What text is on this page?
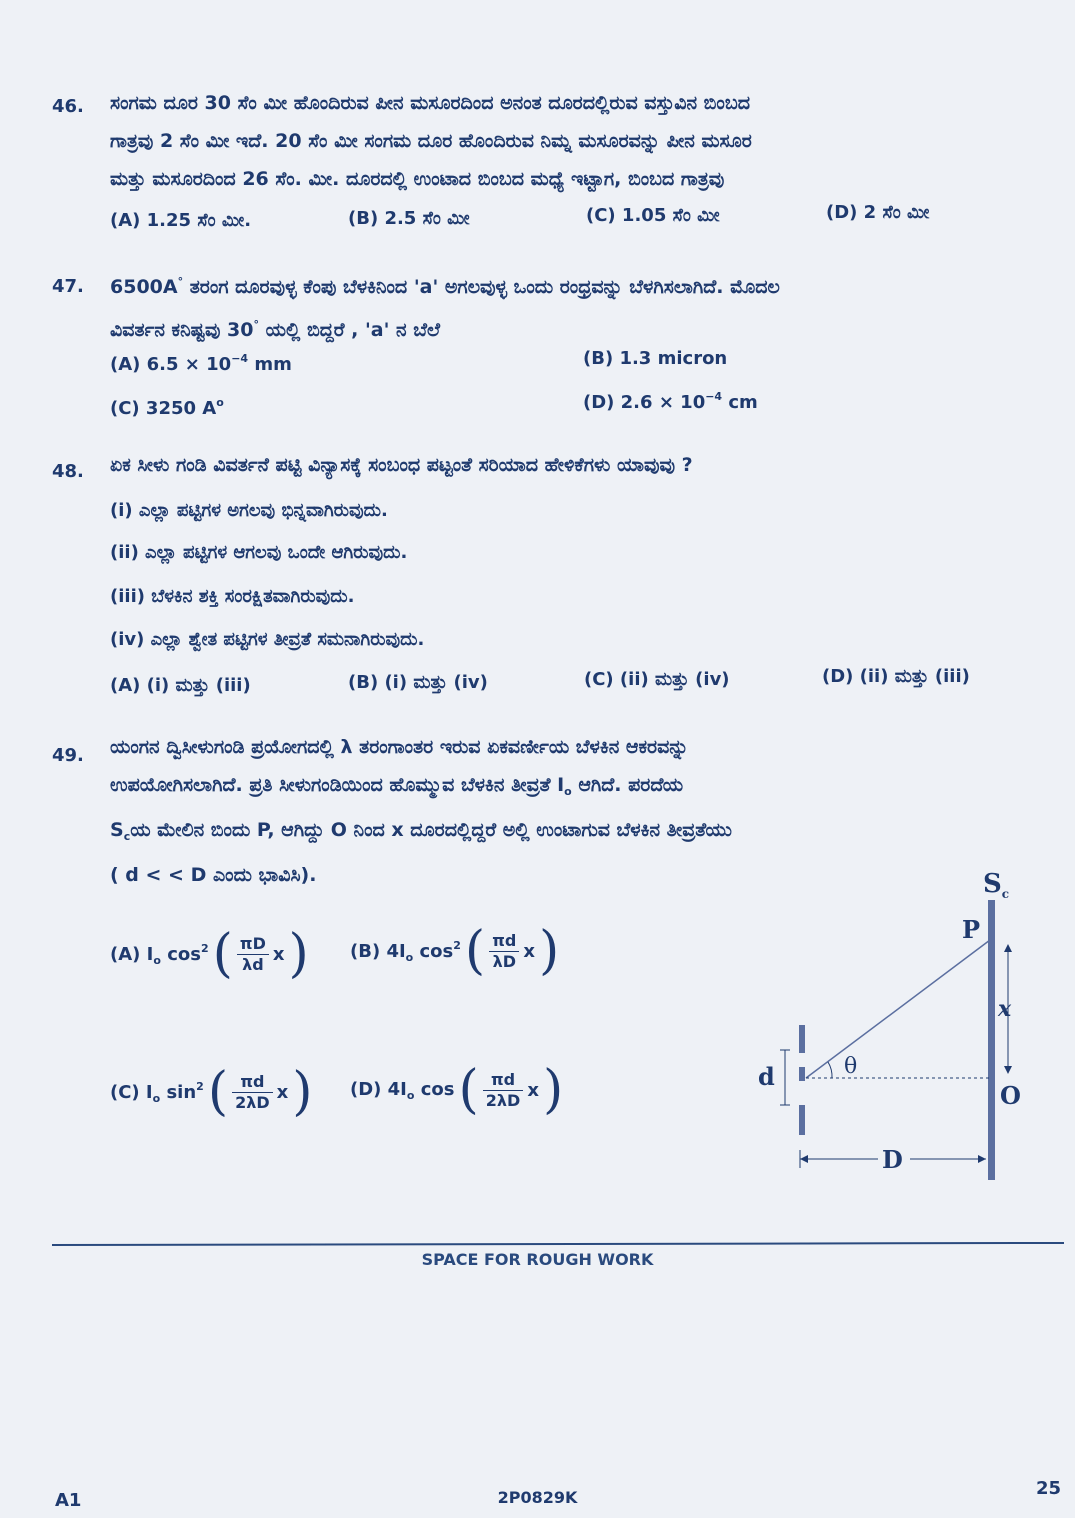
46. ಸಂಗಮ ದೂರ 30 ಸೆಂ ಮೀ ಹೊಂದಿರುವ ಪೀನ ಮಸೂರದಿಂದ ಅನಂತ ದೂರದಲ್ಲಿರುವ ವಸ್ತುವಿನ ಬಿಂಬದ
ಗಾತ್ರವು 2 ಸೆಂ ಮೀ ಇದೆ. 20 ಸೆಂ ಮೀ ಸಂಗಮ ದೂರ ಹೊಂದಿರುವ ನಿಮ್ನ ಮಸೂರವನ್ನು ಪೀನ ಮಸೂರ
ಮತ್ತು ಮಸೂರದಿಂದ 26 ಸೆಂ. ಮೀ. ದೂರದಲ್ಲಿ ಉಂಟಾದ ಬಿಂಬದ ಮಧ್ಯೆ ಇಟ್ಟಾಗ, ಬಿಂಬದ ಗಾತ್ರವು
(A) 1.25 ಸೆಂ ಮೀ.	(B) 2.5 ಸೆಂ ಮೀ	(C) 1.05 ಸೆಂ ಮೀ	(D) 2 ಸೆಂ ಮೀ
47. 6500A° ತರಂಗ ದೂರವುಳ್ಳ ಕೆಂಪು ಬೆಳಕಿನಿಂದ 'a' ಅಗಲವುಳ್ಳ ಒಂದು ರಂಧ್ರವನ್ನು ಬೆಳಗಿಸಲಾಗಿದೆ. ಮೊದಲ
ವಿವರ್ತನ ಕನಿಷ್ಟವು 30° ಯಲ್ಲಿ ಬಿದ್ದರೆ , 'a' ನ ಬೆಲೆ
(A) $6.5 \times 10^{-4}$ mm	(B) 1.3 micron
(C) 3250 $A^o$	(D) $2.6 \times 10^{-4}$ cm
48. ಏಕ ಸೀಳು ಗಂಡಿ ವಿವರ್ತನೆ ಪಟ್ಟಿ ವಿನ್ಯಾಸಕ್ಕೆ ಸಂಬಂಧ ಪಟ್ಟಂತೆ ಸರಿಯಾದ ಹೇಳಿಕೆಗಳು ಯಾವುವು ?
(i) ಎಲ್ಲಾ ಪಟ್ಟಿಗಳ ಅಗಲವು ಭಿನ್ನವಾಗಿರುವುದು.
(ii) ಎಲ್ಲಾ ಪಟ್ಟಿಗಳ ಆಗಲವು ಒಂದೇ ಆಗಿರುವುದು.
(iii) ಬೆಳಕಿನ ಶಕ್ತಿ ಸಂರಕ್ಷಿತವಾಗಿರುವುದು.
(iv) ಎಲ್ಲಾ ಶ್ವೇತ ಪಟ್ಟಿಗಳ ತೀವ್ರತೆ ಸಮನಾಗಿರುವುದು.
(A) (i) ಮತ್ತು (iii)	(B) (i) ಮತ್ತು (iv)	(C) (ii) ಮತ್ತು (iv)	(D) (ii) ಮತ್ತು (iii)
49. ಯಂಗನ ದ್ವಿಸೀಳುಗಂಡಿ ಪ್ರಯೋಗದಲ್ಲಿ λ ತರಂಗಾಂತರ ಇರುವ ಏಕವರ್ಣೀಯ ಬೆಳಕಿನ ಆಕರವನ್ನು
ಉಪಯೋಗಿಸಲಾಗಿದೆ. ಪ್ರತಿ ಸೀಳುಗಂಡಿಯಿಂದ ಹೊಮ್ಮುವ ಬೆಳಕಿನ ತೀವ್ರತೆ $I_o$ ಆಗಿದೆ. ಪರದೆಯ
$S_cಯ$ ಮೇಲಿನ ಬಿಂದು P, ಆಗಿದ್ದು O ನಿಂದ x ದೂರದಲ್ಲಿದ್ದರೆ ಅಲ್ಲಿ ಉಂಟಾಗುವ ಬೆಳಕಿನ ತೀವ್ರತೆಯು
( d < < D ಎಂದು ಭಾವಿಸಿ).
(A) $I_o$ $\cos^2$ ( $\frac{\pi D}{\lambda d}$ x ) (B) $4I_o$ $\cos^2$ ( $\frac{\pi d}{\lambda D}$ x )
(C) $I_o$ $\sin^2$ ( $\frac{\pi d}{2\lambda D}$ x ) (D) $4I_o$ cos ( $\frac{\pi d}{2\lambda D}$ x )	d	θ
x
$S_c$
P
O
D
SPACE FOR ROUGH WORK
A1	2P0829K	25
